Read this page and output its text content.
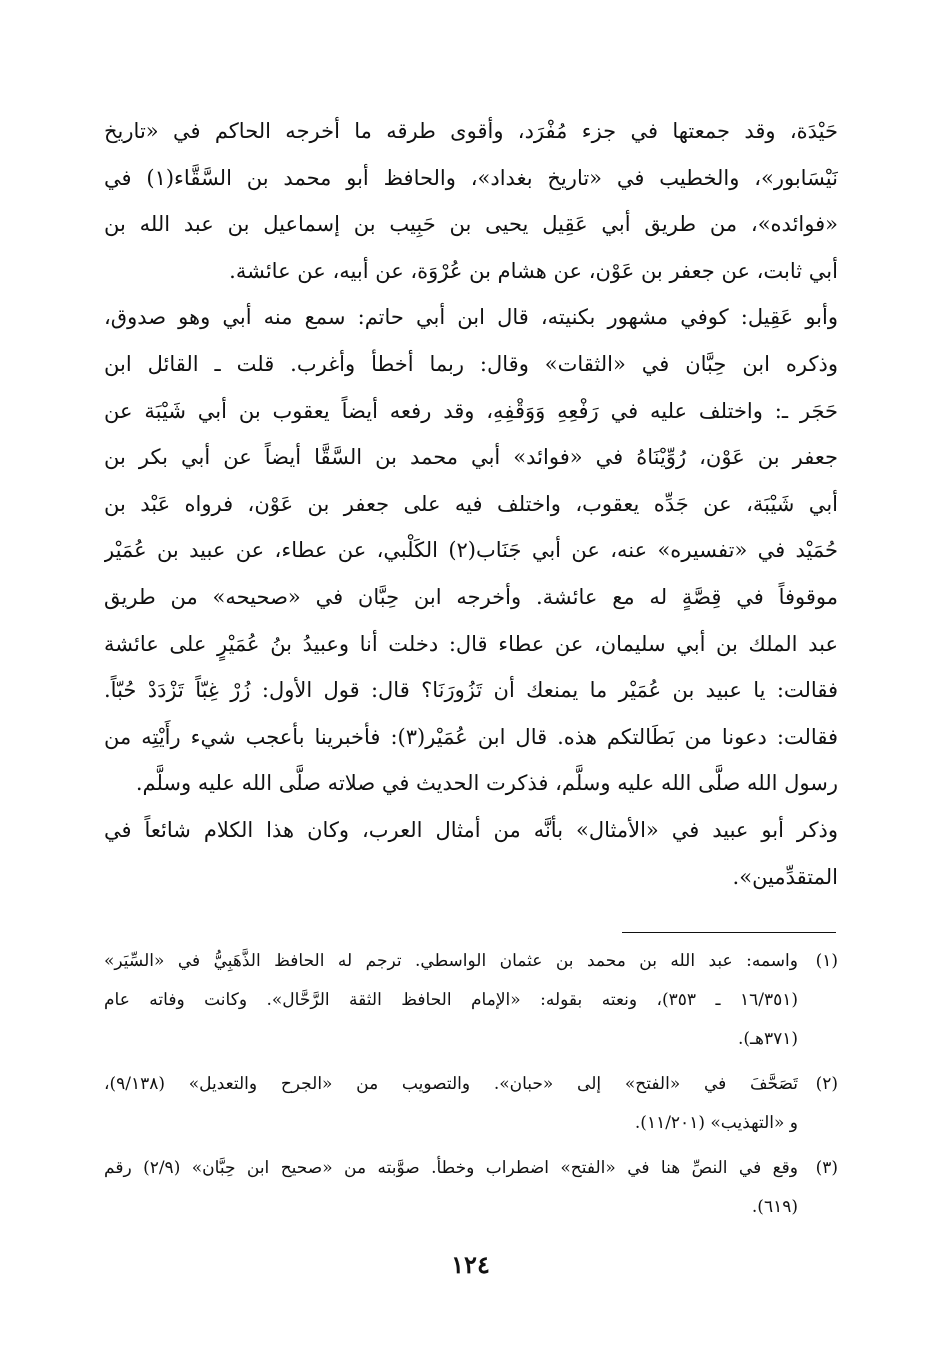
حَيْدَة، وقد جمعتها في جزء مُفْرَد، وأقوى طرقه ما أخرجه الحاكم في «تاريخ
نَيْسَابور»، والخطيب في «تاريخ بغداد»، والحافظ أبو محمد بن السَّقَّاء(١) في
«فوائده»، من طريق أبي عَقِيل يحيى بن حَبِيب بن إسماعيل بن عبد الله بن
أبي ثابت، عن جعفر بن عَوْن، عن هشام بن عُرْوَة، عن أبيه، عن عائشة.
وأبو عَقِيل: كوفي مشهور بكنيته، قال ابن أبي حاتم: سمع منه أبي وهو صدوق،
وذكره ابن حِبَّان في «الثقات» وقال: ربما أخطأ وأغرب. قلت ـ القائل ابن
حَجَر ـ: واختلف عليه في رَفْعِهِ وَوَقْفِهِ، وقد رفعه أيضاً يعقوب بن أبي شَيْبَة عن
جعفر بن عَوْن، رُوِّيْنَاهُ في «فوائد» أبي محمد بن السَّقَّا أيضاً عن أبي بكر بن
أبي شَيْبَة، عن جَدِّه يعقوب، واختلف فيه على جعفر بن عَوْن، فرواه عَبْد بن
حُمَيْد في «تفسيره» عنه، عن أبي جَنَاب(٢) الكَلْبي، عن عطاء، عن عبيد بن عُمَيْر
موقوفاً في قِصَّةٍ له مع عائشة. وأخرجه ابن حِبَّان في «صحيحه» من طريق
عبد الملك بن أبي سليمان، عن عطاء قال: دخلت أنا وعبيدُ بنُ عُمَيْرٍ على عائشة
فقالت: يا عبيد بن عُمَيْر ما يمنعك أن تَزُورَنَا؟ قال: قول الأول: زُرْ غِبّاً تَزْدَدْ حُبّاً.
فقالت: دعونا من بَطَالتكم هذه. قال ابن عُمَيْر(٣): فأخبرينا بأعجب شيء رأَيْتِه من
رسول الله صلَّى الله عليه وسلَّم، فذكرت الحديث في صلاته صلَّى الله عليه وسلَّم.
وذكر أبو عبيد في «الأمثال» بأنَّه من أمثال العرب، وكان هذا الكلام شائعاً في
المتقدِّمين».
(١)
واسمه: عبد الله بن محمد بن عثمان الواسطي. ترجم له الحافظ الذَّهَبِيُّ في «السِّيَر»
(١٦/٣٥١ ـ ٣٥٣)، ونعته بقوله: «الإمام الحافظ الثقة الرَّحَّال». وكانت وفاته عام
(٣٧١هـ).
(٢)
تَصَحَّفَ في «الفتح» إلى «حبان». والتصويب من «الجرح والتعديل» (٩/١٣٨)،
و «التهذيب» (١١/٢٠١).
(٣)
وقع في النصِّ هنا في «الفتح» اضطراب وخطأ. صوَّبته من «صحيح ابن حِبَّان» (٢/٩) رقم
(٦١٩).
١٢٤
